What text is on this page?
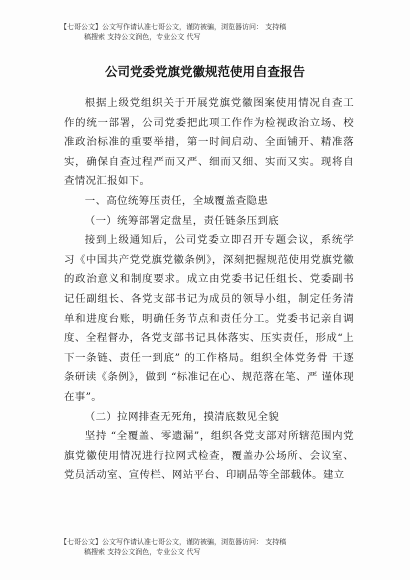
【七哥公文】公文写作请认准七哥公文，谨防被骗，浏览器访问： 支持稿
稿搜索 支持公文润色，专业公文 代写
公司党委党旗党徽规范使用自查报告

根据上级党组织关于开展党旗党徽图案使用情况自查工作的统一部署，公司党委把此项工作作为检视政治立场、校准政治标准的重要举措，第一时间启动、全面铺开、精准落实，确保自查过程严而又严、细而又细、实而又实。现将自查情况汇报如下。

一、高位统筹压责任，全域覆盖查隐患

（一）统筹部署定盘星，责任链条压到底

接到上级通知后，公司党委立即召开专题会议，系统学习《中国共产党党旗党徽条例》，深刻把握规范使用党旗党徽的政治意义和制度要求。成立由党委书记任组长、党委副书记任副组长、各党支部书记为成员的领导小组，制定任务清单和进度台账，明确任务节点和责任分工。党委书记亲自调度、全程督办，各党支部书记具体落实、压实责任，形成“上下一条链、责任一到底” 的工作格局。组织全体党务骨 干逐条研读《条例》，做到 “标准记在心、规范落在笔、严 谨体现在事”。

（二）拉网排查无死角，摸清底数见全貌

坚持 “全覆盖、零遗漏”，组织各党支部对所辖范围内党旗党徽使用情况进行拉网式检查，覆盖办公场所、会议室、党员活动室、宣传栏、网站平台、印刷品等全部载体。建立

【七哥公文】公文写作请认准七哥公文，谨防被骗，浏览器访问： 支持稿
稿搜索 支持公文润色，专业公文 代写
